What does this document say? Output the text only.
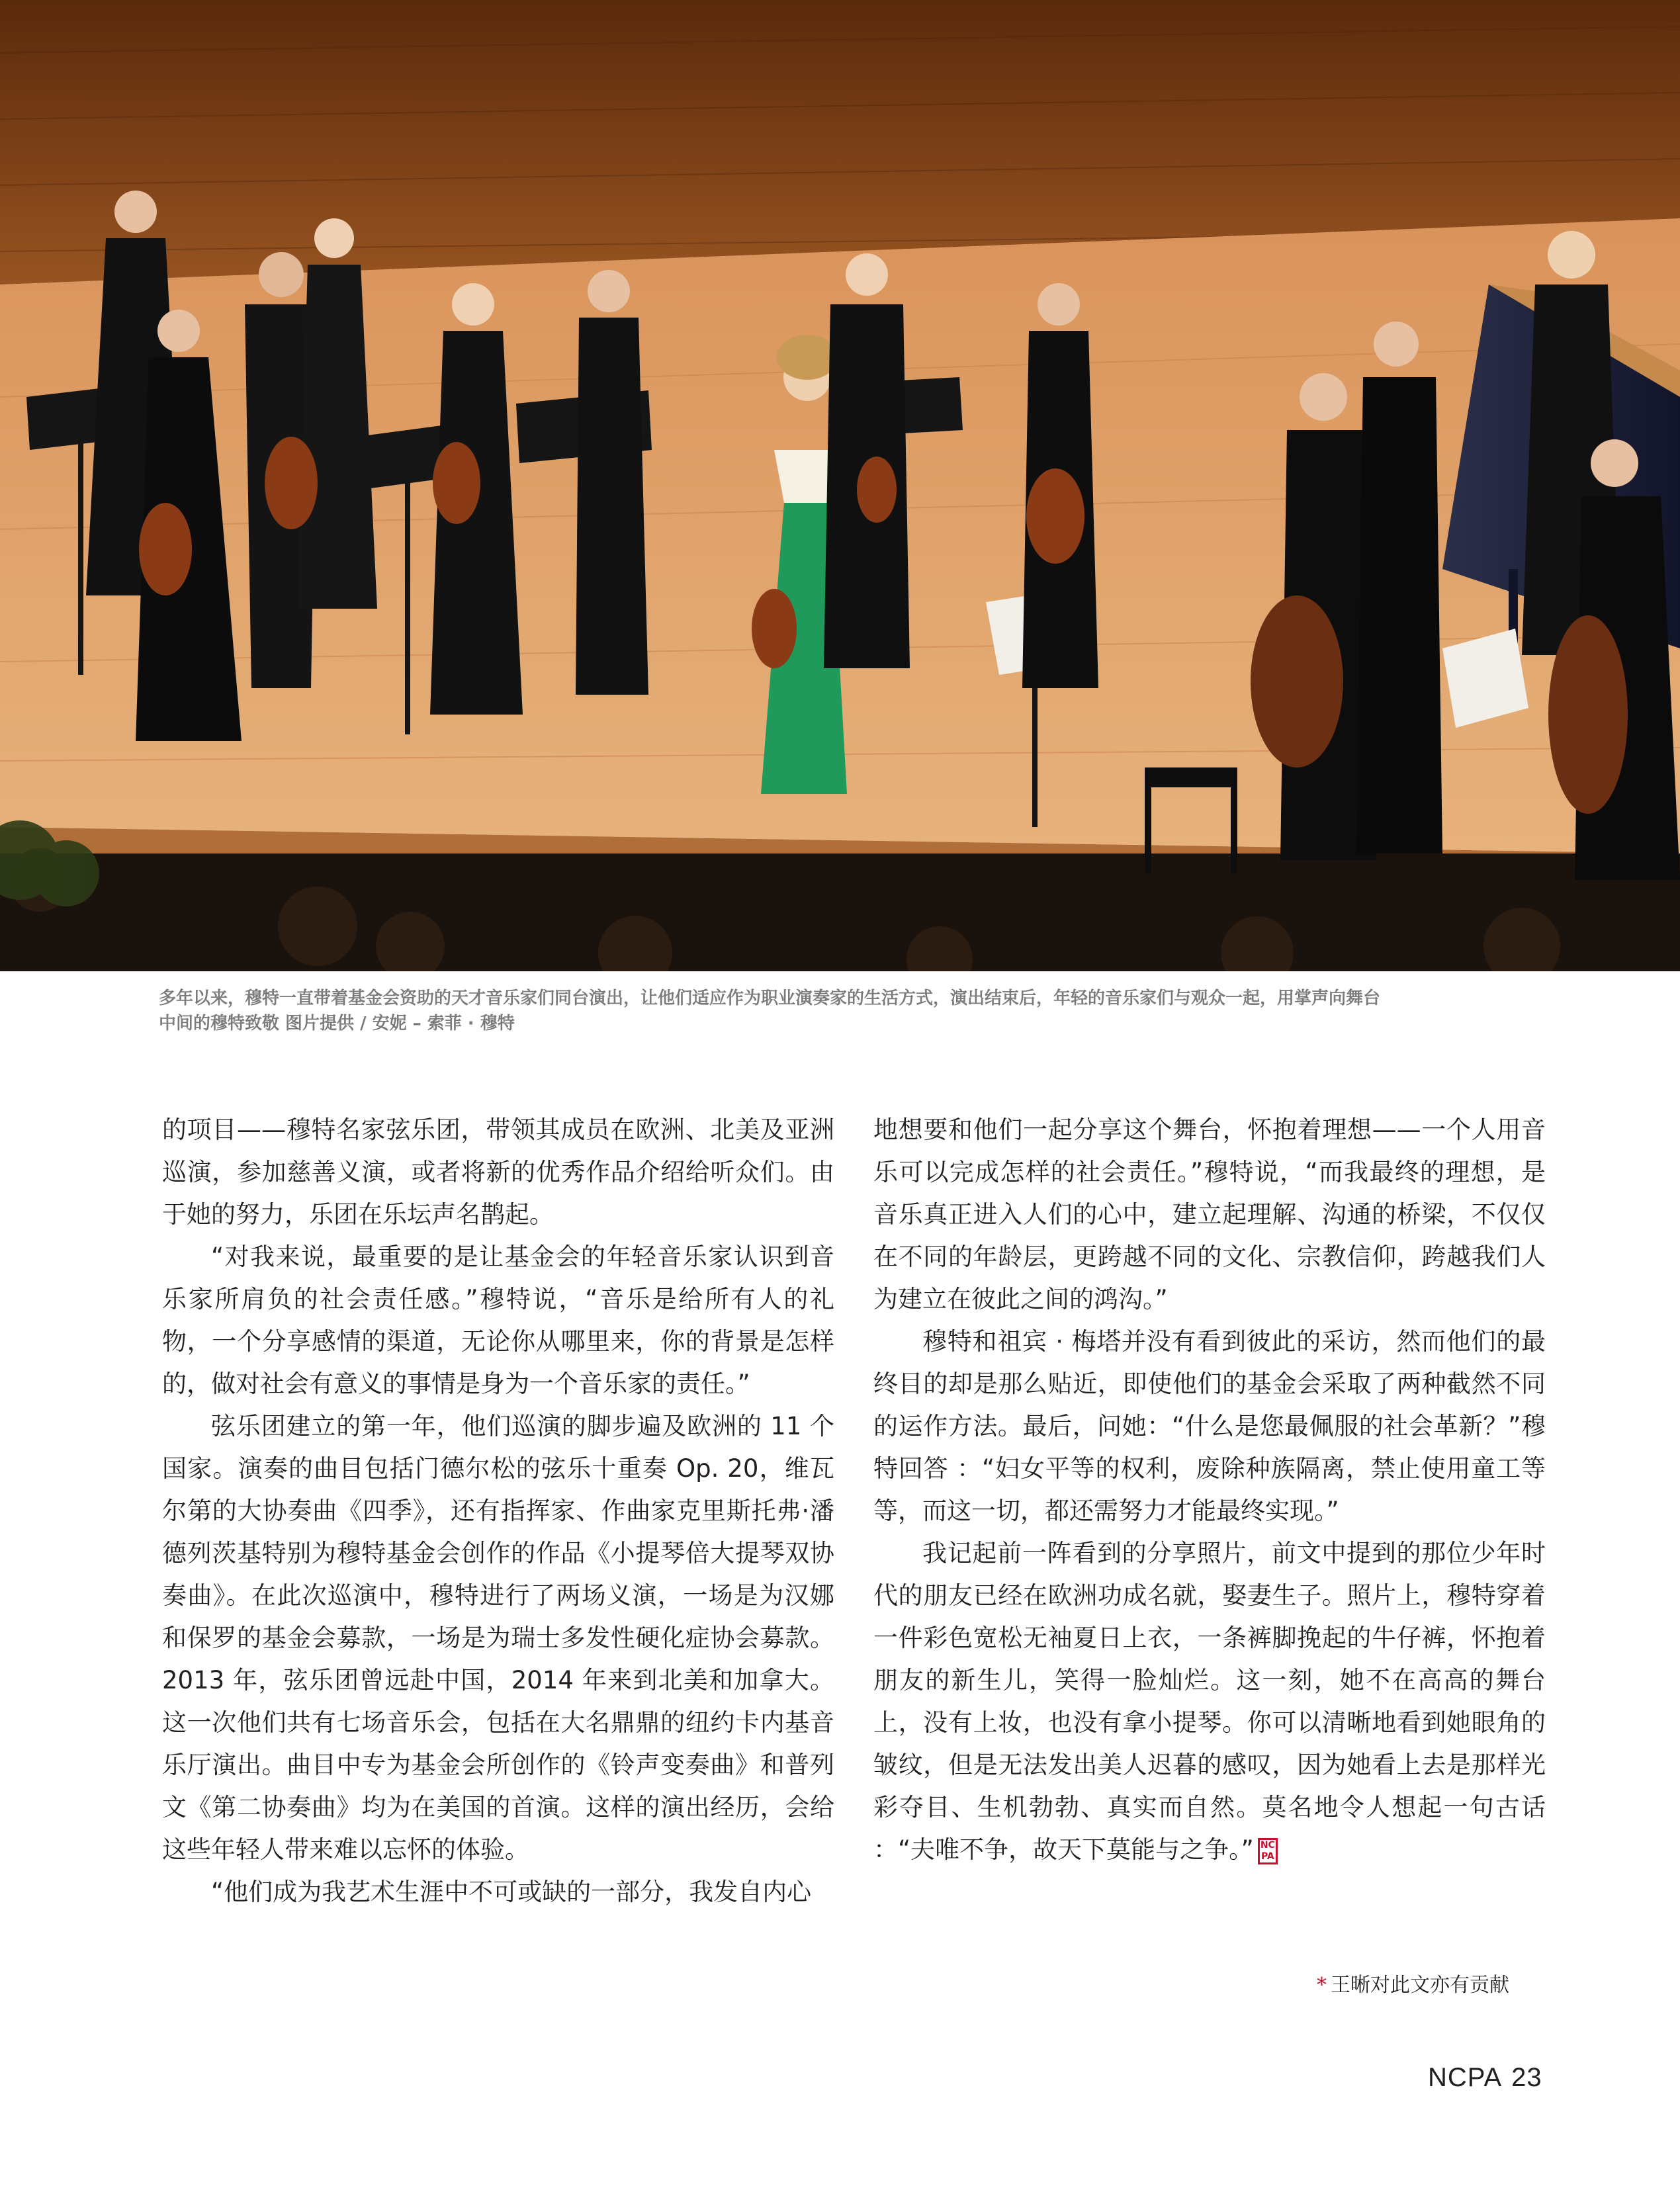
多年以来，穆特一直带着基金会资助的天才音乐家们同台演出，让他们适应作为职业演奏家的生活方式，演出结束后，年轻的音乐家们与观众一起，用掌声向舞台

中间的穆特致敬 图片提供 / 安妮 – 索菲 · 穆特

的项目——穆特名家弦乐团，带领其成员在欧洲、北美及亚洲巡演，参加慈善义演，或者将新的优秀作品介绍给听众们。由于她的努力，乐团在乐坛声名鹊起。

“对我来说，最重要的是让基金会的年轻音乐家认识到音乐家所肩负的社会责任感。”穆特说，“音乐是给所有人的礼物，一个分享感情的渠道，无论你从哪里来，你的背景是怎样的，做对社会有意义的事情是身为一个音乐家的责任。”

弦乐团建立的第一年，他们巡演的脚步遍及欧洲的 11 个国家。演奏的曲目包括门德尔松的弦乐十重奏 Op. 20，维瓦尔第的大协奏曲《四季》，还有指挥家、作曲家克里斯托弗·潘德列茨基特别为穆特基金会创作的作品《小提琴倍大提琴双协奏曲》。在此次巡演中，穆特进行了两场义演，一场是为汉娜和保罗的基金会募款，一场是为瑞士多发性硬化症协会募款。2013 年，弦乐团曾远赴中国，2014 年来到北美和加拿大。这一次他们共有七场音乐会，包括在大名鼎鼎的纽约卡内基音乐厅演出。曲目中专为基金会所创作的《铃声变奏曲》和普列文《第二协奏曲》均为在美国的首演。这样的演出经历，会给这些年轻人带来难以忘怀的体验。

“他们成为我艺术生涯中不可或缺的一部分，我发自内心

地想要和他们一起分享这个舞台，怀抱着理想——一个人用音乐可以完成怎样的社会责任。”穆特说，“而我最终的理想，是音乐真正进入人们的心中，建立起理解、沟通的桥梁，不仅仅在不同的年龄层，更跨越不同的文化、宗教信仰，跨越我们人为建立在彼此之间的鸿沟。”

穆特和祖宾 · 梅塔并没有看到彼此的采访，然而他们的最终目的却是那么贴近，即使他们的基金会采取了两种截然不同的运作方法。最后，问她：“什么是您最佩服的社会革新？”穆特回答 ：“妇女平等的权利，废除种族隔离，禁止使用童工等等，而这一切，都还需努力才能最终实现。”

我记起前一阵看到的分享照片，前文中提到的那位少年时代的朋友已经在欧洲功成名就，娶妻生子。照片上，穆特穿着一件彩色宽松无袖夏日上衣，一条裤脚挽起的牛仔裤，怀抱着朋友的新生儿，笑得一脸灿烂。这一刻，她不在高高的舞台上，没有上妆，也没有拿小提琴。你可以清晰地看到她眼角的皱纹，但是无法发出美人迟暮的感叹，因为她看上去是那样光彩夺目、生机勃勃、真实而自然。莫名地令人想起一句古话 ：“夫唯不争，故天下莫能与之争。” NC PA

* 王晰对此文亦有贡献
NCPA 23
